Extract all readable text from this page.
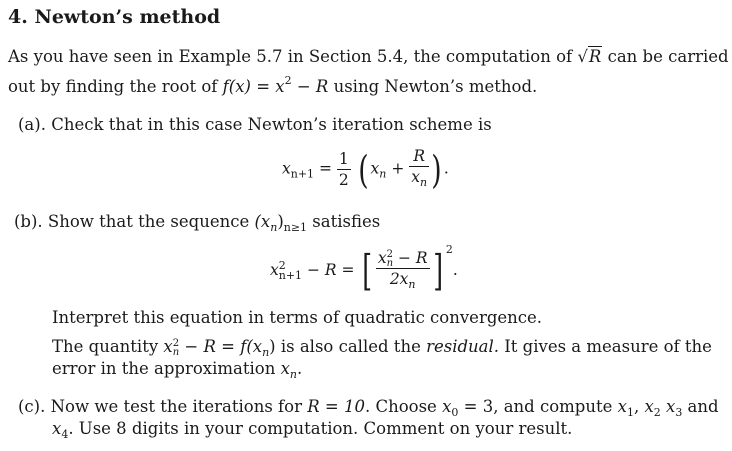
4. Newton’s method
As you have seen in Example 5.7 in Section 5.4, the computation of √R can be carried
out by finding the root of $f(x) = x^2 - R$ using Newton’s method.
(a). Check that in this case Newton’s iteration scheme is
$x_{n+1} = \frac{1}{2}$ ( $x_n + \frac{R}{x_n}$ ) .
(b). Show that the sequence $(x_n)_{n\ge 1}$ satisfies
x 2
n+1 − R = [ x 2
n − R
$2x_n$ ] $^2$.
Interpret this equation in terms of quadratic convergence.
The quantity x 2
$n - R = f(x_n)$ is also called the residual. It gives a measure of the
error in the approximation $x_n$.
(c). Now we test the iterations for R = 10. Choose $x_0 = 3$, and compute $x_1$, $x_2$ $x_3$ and
$x_4$. Use 8 digits in your computation. Comment on your result.
